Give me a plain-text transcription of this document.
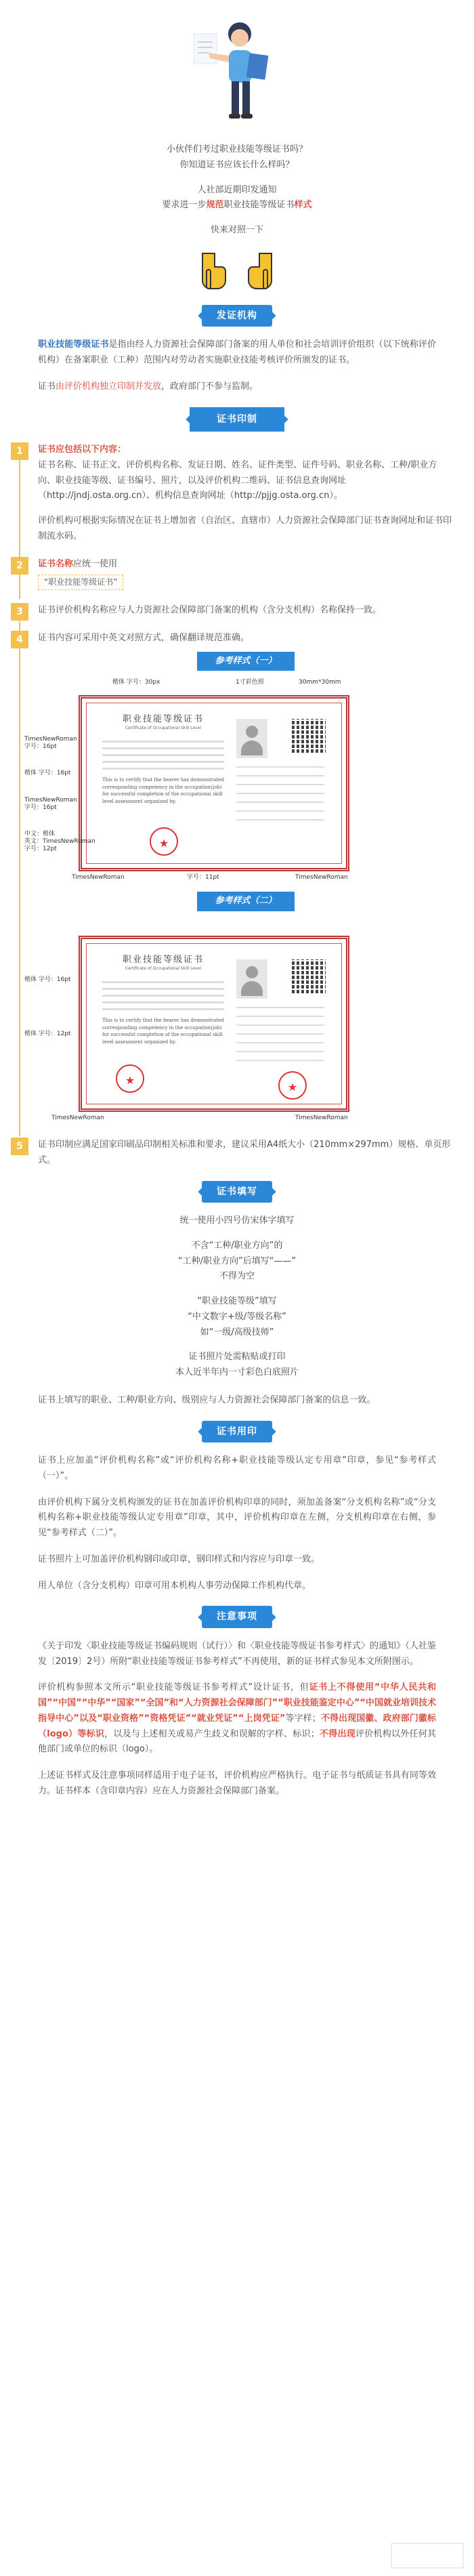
小伙伴们考过职业技能等级证书吗？

你知道证书应该长什么样吗？

人社部近期印发通知

要求进一步规范职业技能等级证书样式

快来对照一下

发证机构
职业技能等级证书是指由经人力资源社会保障部门备案的用人单位和社会培训评价组织（以下统称评价机构）在备案职业（工种）范围内对劳动者实施职业技能考核评价所颁发的证书。
证书由评价机构独立印制并发放，政府部门不参与监制。
证书印制
1	证书应包括以下内容：
证书名称、证书正文、评价机构名称、发证日期、姓名、证件类型、证件号码、职业名称、工种/职业方向、职业技能等级、证书编号、照片，以及评价机构二维码、证书信息查询网址（http://jndj.osta.org.cn）、机构信息查询网址（http://pjjg.osta.org.cn）。
评价机构可根据实际情况在证书上增加省（自治区、直辖市）人力资源社会保障部门证书查询网址和证书印制流水码。
2	证书名称应统一使用
“职业技能等级证书”
3	证书评价机构名称应与人力资源社会保障部门备案的机构（含分支机构）名称保持一致。
4	证书内容可采用中英文对照方式，确保翻译规范准确。
参考样式（一）
楷体 字号：30px	1寸彩色照	30mm*30mm
职业技能等级证书
Certificate of Occupational Skill Level
This is to certify that the bearer has demonstrated corresponding competency in the occupation(job) for successful completion of the occupational skill level assessment organized by.
★
TimesNewRoman
字号：16pt
楷体 字号：16pt
TimesNewRoman
字号：16pt
中文：楷体
英文：TimesNewRoman
字号：12pt
TimesNewRoman	字号：11pt	TimesNewRoman
参考样式（二）
职业技能等级证书
Certificate of Occupational Skill Level
This is to certify that the bearer has demonstrated corresponding competency in the occupation(job) for successful completion of the occupational skill level assessment organized by.
★
★
楷体 字号：16pt
楷体 字号：12pt
TimesNewRoman	TimesNewRoman
5	证书印制应满足国家印刷品印制相关标准和要求，建议采用A4纸大小（210mm×297mm）规格、单页形式。
证书填写

统一使用小四号仿宋体字填写

不含“工种/职业方向”的

“工种/职业方向”后填写“——”

不得为空

“职业技能等级”填写

“中文数字+级/等级名称”

如“一级/高级技师”

证书照片处需粘贴或打印

本人近半年内一寸彩色白底照片

证书上填写的职业、工种/职业方向、级别应与人力资源社会保障部门备案的信息一致。
证书用印
证书上应加盖“评价机构名称”或“评价机构名称+职业技能等级认定专用章”印章，参见“参考样式（一）”。
由评价机构下属分支机构颁发的证书在加盖评价机构印章的同时，须加盖备案“分支机构名称”或“分支机构名称+职业技能等级认定专用章”印章，其中，评价机构印章在左侧，分支机构印章在右侧，参见“参考样式（二）”。
证书照片上可加盖评价机构钢印或印章，钢印样式和内容应与印章一致。
用人单位（含分支机构）印章可用本机构人事劳动保障工作机构代章。
注意事项
《关于印发〈职业技能等级证书编码规则（试行）〉和〈职业技能等级证书参考样式〉的通知》（人社鉴发〔2019〕2号）所附“职业技能等级证书参考样式”不再使用，新的证书样式参见本文所附图示。
评价机构参照本文所示“职业技能等级证书参考样式”设计证书，但证书上不得使用“中华人民共和国”“中国”“中华”“国家”“全国”和“人力资源社会保障部门”“职业技能鉴定中心”“中国就业培训技术指导中心”以及“职业资格”“资格凭证”“就业凭证”“上岗凭证”等字样；不得出现国徽、政府部门徽标（logo）等标识，以及与上述相关或易产生歧义和误解的字样、标识；不得出现评价机构以外任何其他部门或单位的标识（logo）。
上述证书样式及注意事项同样适用于电子证书，评价机构应严格执行。电子证书与纸质证书具有同等效力。证书样本（含印章内容）应在人力资源社会保障部门备案。
